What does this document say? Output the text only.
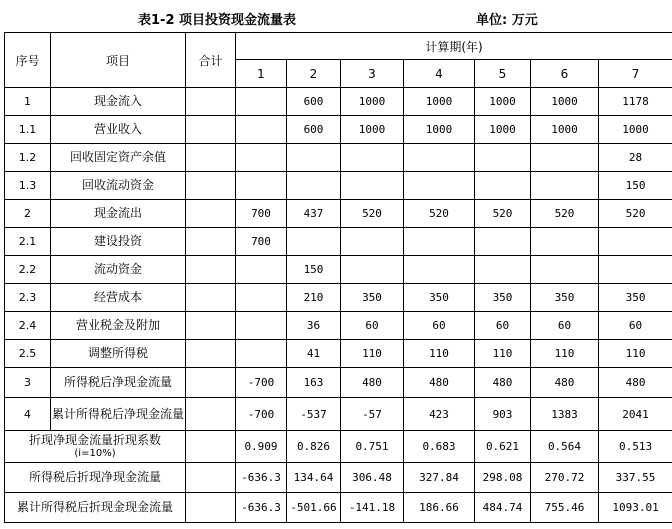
表1-2 项目投资现金流量表	单位: 万元
序号	项目	合计	计算期(年)						
			1	2	3	4	5	6	7
1	现金流入			600	1000	1000	1000	1000	1178
1.1	营业收入			600	1000	1000	1000	1000	1000
1.2	回收固定资产余值								28
1.3	回收流动资金								150
2	现金流出		700	437	520	520	520	520	520
2.1	建设投资		700						
2.2	流动资金			150					
2.3	经营成本			210	350	350	350	350	350
2.4	营业税金及附加			36	60	60	60	60	60
2.5	调整所得税			41	110	110	110	110	110
3	所得税后净现金流量		-700	163	480	480	480	480	480
4	累计所得税后净现金流量		-700	-537	-57	423	903	1383	2041

折现净现金流量折现系数
(i=10%)			0.909	0.826	0.751	0.683	0.621	0.564	0.513

所得税后折现净现金流量			-636.3	134.64	306.48	327.84	298.08	270.72	337.55

累计所得税后折现金现金流量			-636.3	-501.66	-141.18	186.66	484.74	755.46	1093.01
